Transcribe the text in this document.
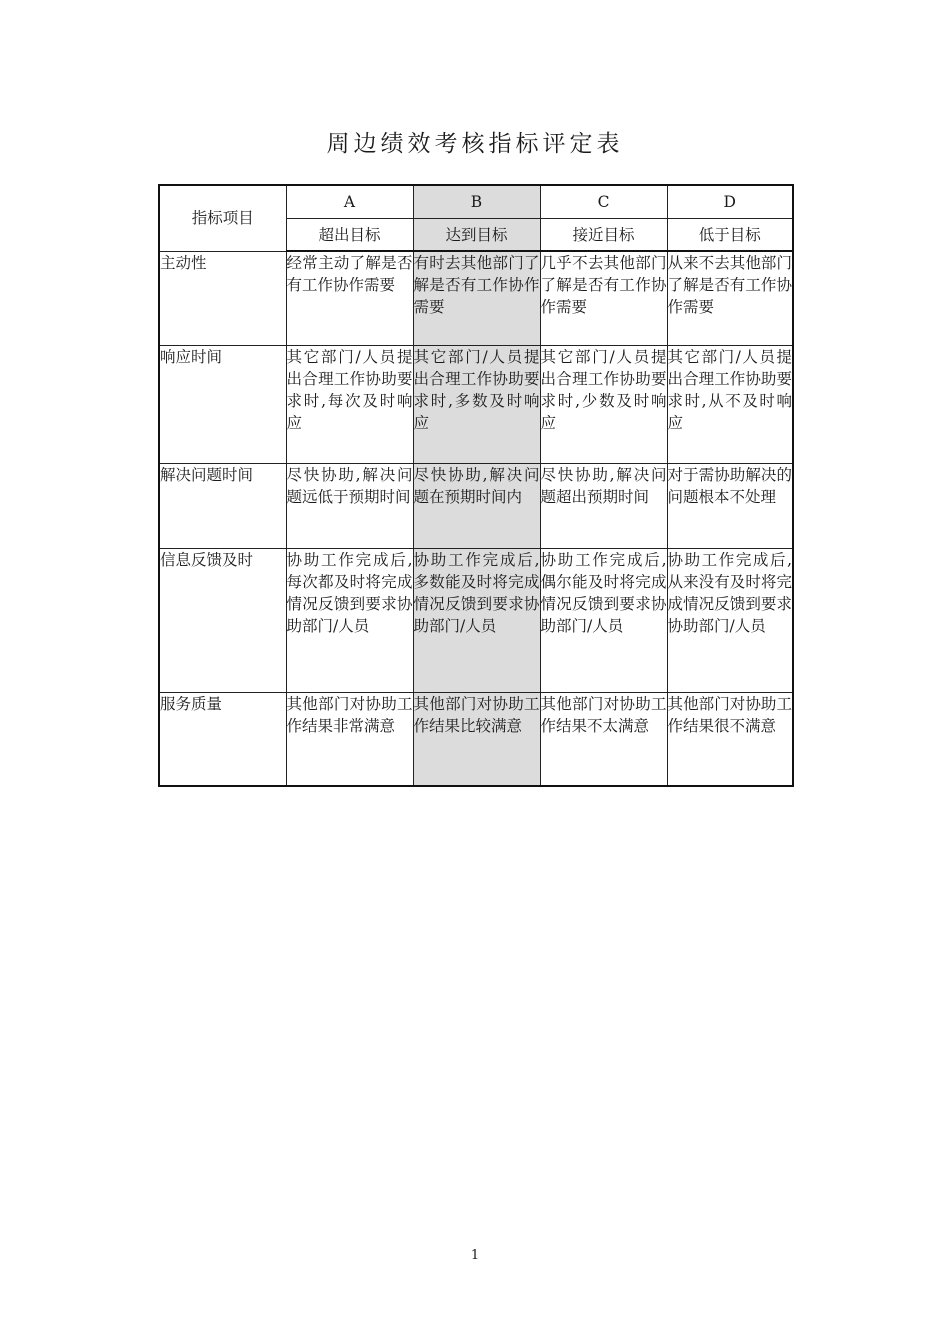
周边绩效考核指标评定表
指标项目	A	B	C	D
	超出目标	达到目标	接近目标	低于目标
主动性	经常主动了解是否有工作协作需要	有时去其他部门了解是否有工作协作需要	几乎不去其他部门了解是否有工作协作需要	从来不去其他部门了解是否有工作协作需要
响应时间	其它部门/人员提出合理工作协助要求时,每次及时响应	其它部门/人员提出合理工作协助要求时,多数及时响应	其它部门/人员提出合理工作协助要求时,少数及时响应	其它部门/人员提出合理工作协助要求时,从不及时响应
解决问题时间	尽快协助,解决问题远低于预期时间	尽快协助,解决问题在预期时间内	尽快协助,解决问题超出预期时间	对于需协助解决的问题根本不处理
信息反馈及时	协助工作完成后,每次都及时将完成情况反馈到要求协助部门/人员	协助工作完成后,多数能及时将完成情况反馈到要求协助部门/人员	协助工作完成后,偶尔能及时将完成情况反馈到要求协助部门/人员	协助工作完成后,从来没有及时将完成情况反馈到要求协助部门/人员
服务质量	其他部门对协助工作结果非常满意	其他部门对协助工作结果比较满意	其他部门对协助工作结果不太满意	其他部门对协助工作结果很不满意
1
